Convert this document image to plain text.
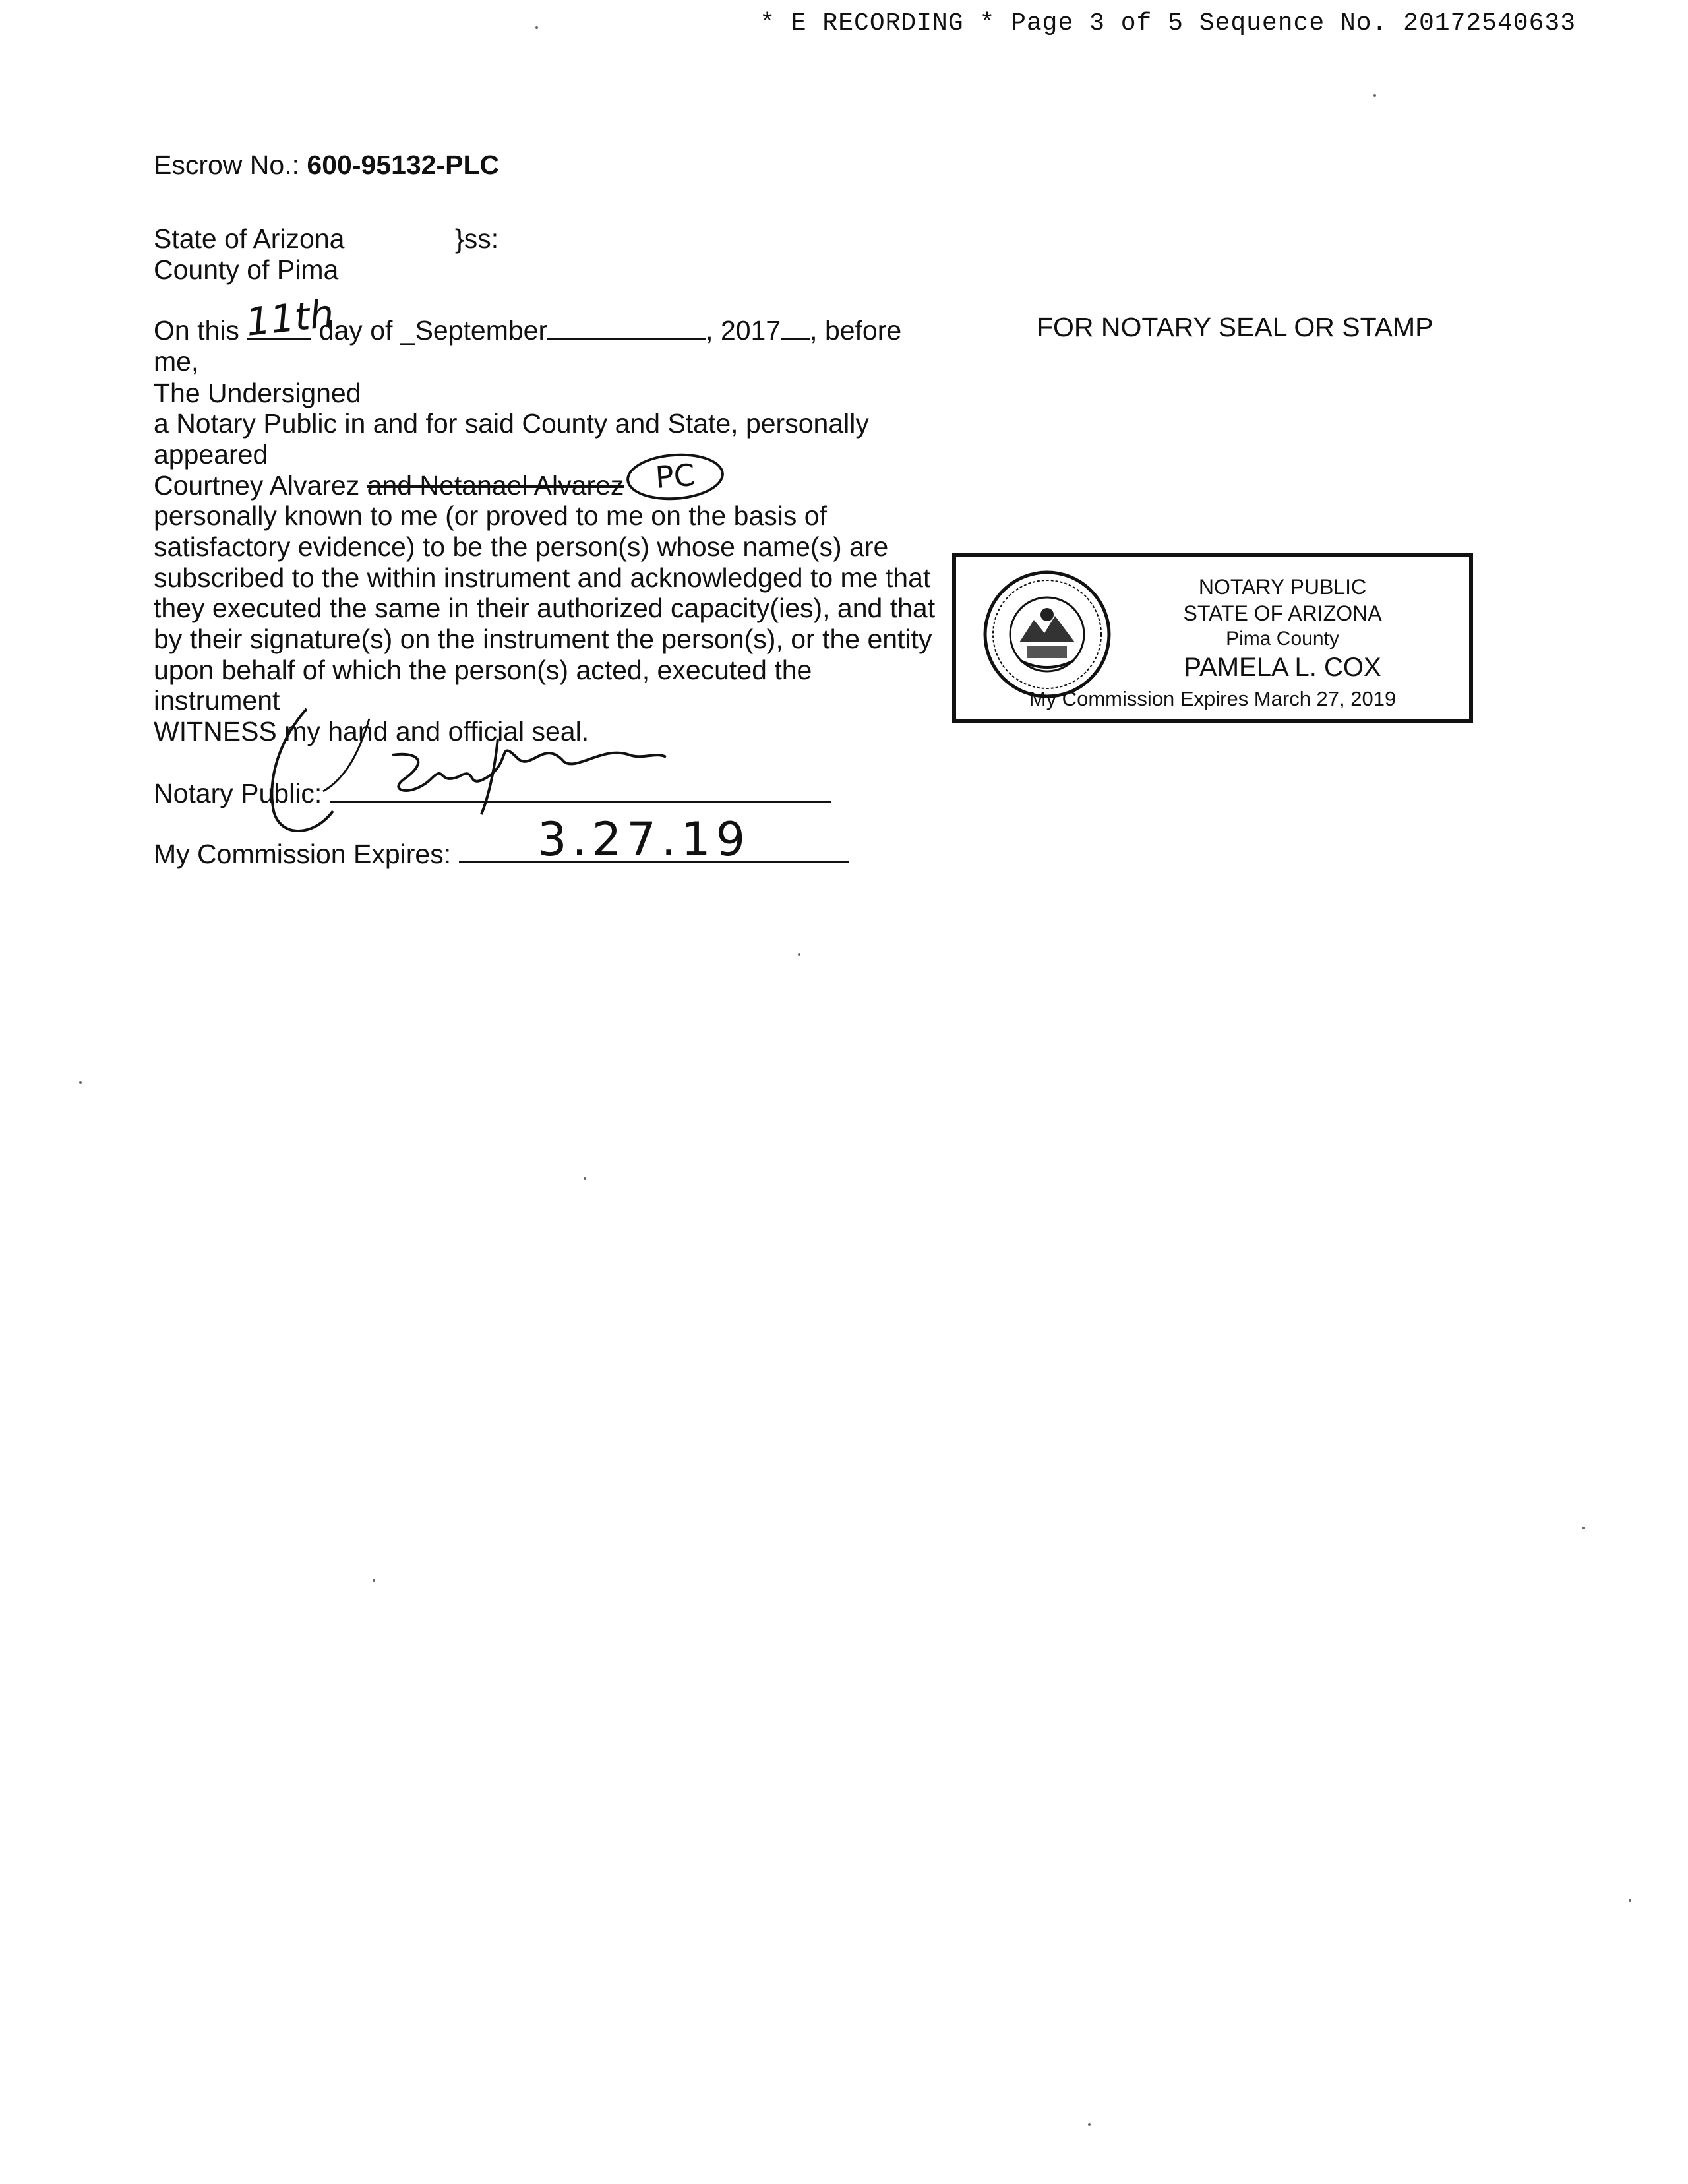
* E RECORDING * Page 3 of 5 Sequence No. 20172540633
Escrow No.: 600-95132-PLC
State of Arizona	}ss:
County of Pima
On this	day of _September	, 2017 , before
11th	FOR NOTARY SEAL OR STAMP
me,
The Undersigned
a Notary Public in and for said County and State, personally
appeared
Courtney Alvarez and Netanael Alvarez PC
personally known to me (or proved to me on the basis of
satisfactory evidence) to be the person(s) whose name(s) are
subscribed to the within instrument and acknowledged to me that
they executed the same in their authorized capacity(ies), and that
by their signature(s) on the instrument the person(s), or the entity
upon behalf of which the person(s) acted, executed the
instrument
WITNESS my hand and official seal.
Notary Public:
My Commission Expires:	3.27.19
NOTARY PUBLIC
STATE OF ARIZONA
Pima County
PAMELA L. COX
My Commission Expires March 27, 2019
